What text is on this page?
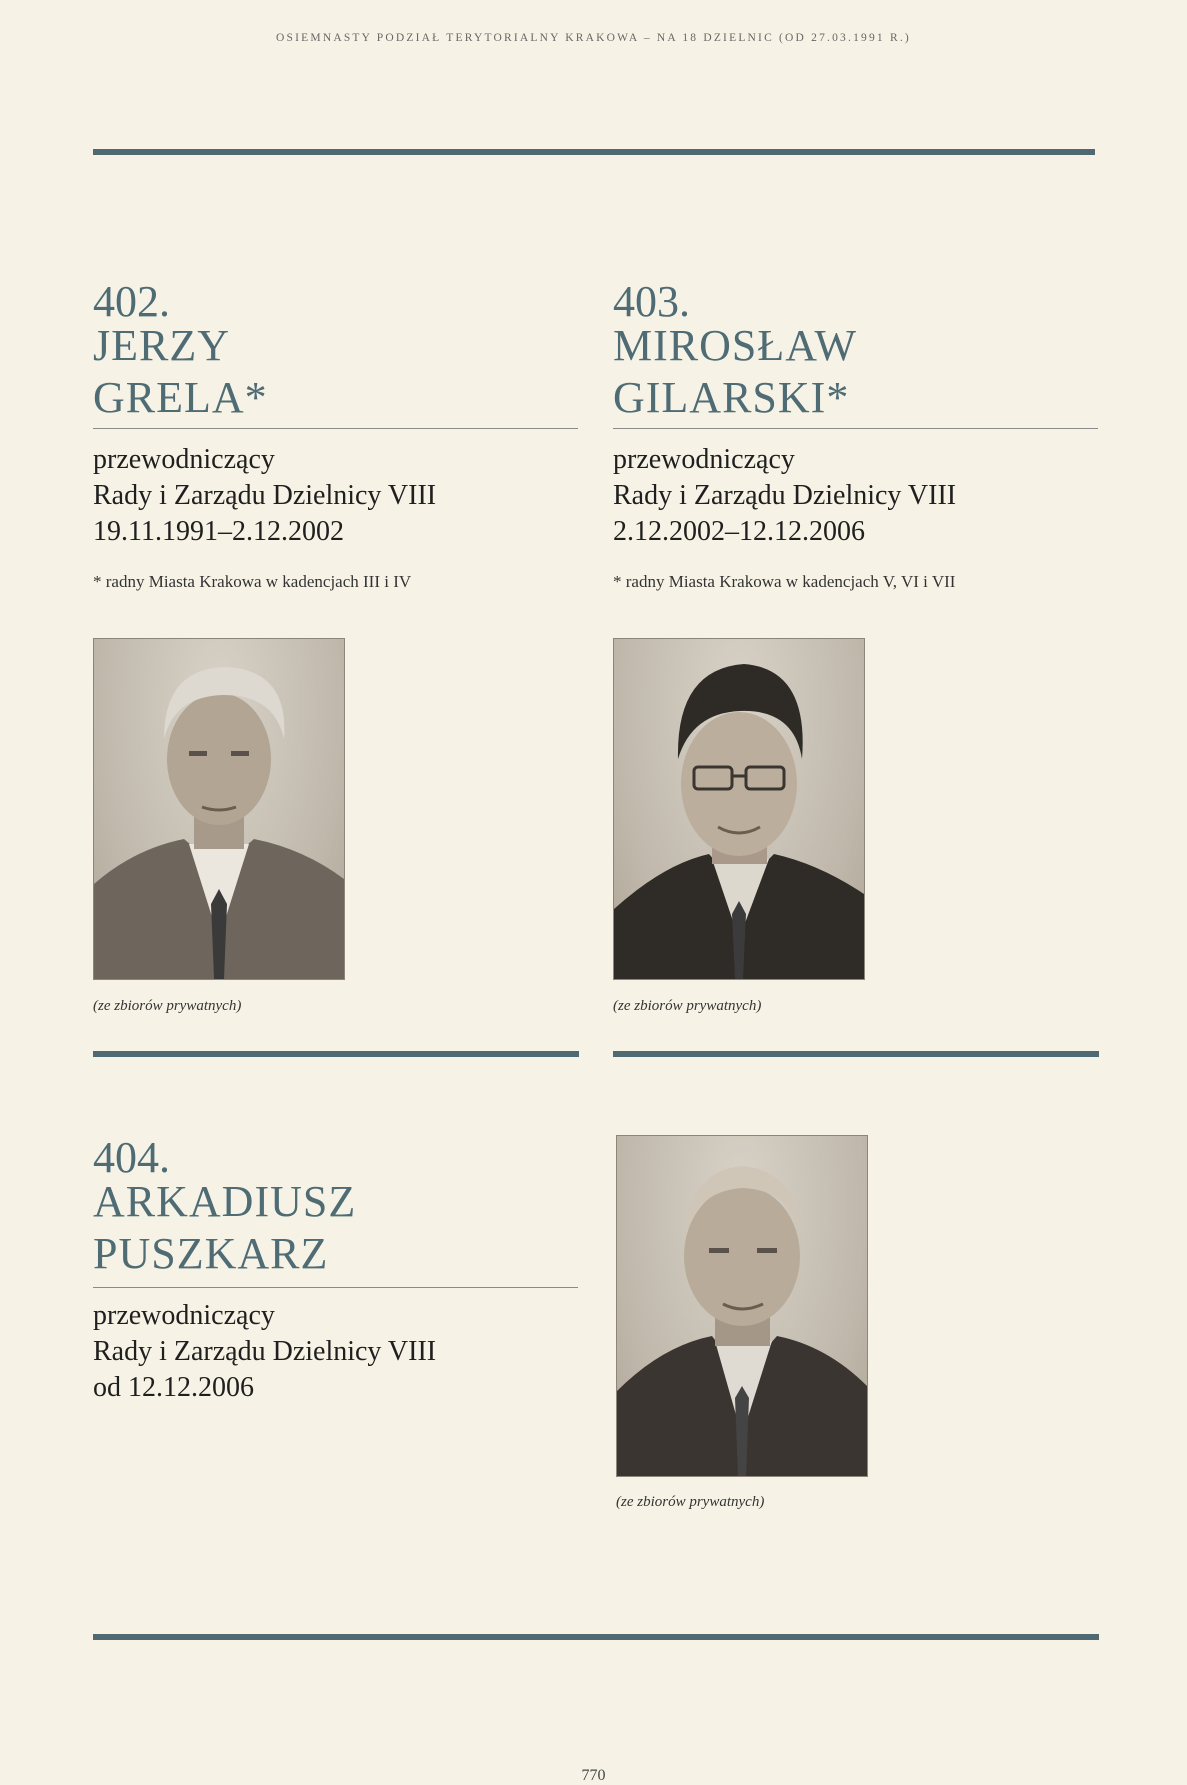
OSIEMNASTY PODZIAŁ TERYTORIALNY KRAKOWA – NA 18 DZIELNIC (OD 27.03.1991 R.)
402.
JERZY
GRELA*
przewodniczący
Rady i Zarządu Dzielnicy VIII
19.11.1991–2.12.2002
* radny Miasta Krakowa w kadencjach III i IV
(ze zbiorów prywatnych)
403.
MIROSŁAW
GILARSKI*
przewodniczący
Rady i Zarządu Dzielnicy VIII
2.12.2002–12.12.2006
* radny Miasta Krakowa w kadencjach V, VI i VII
(ze zbiorów prywatnych)
404.
ARKADIUSZ
PUSZKARZ
przewodniczący
Rady i Zarządu Dzielnicy VIII
od 12.12.2006
(ze zbiorów prywatnych)
770
